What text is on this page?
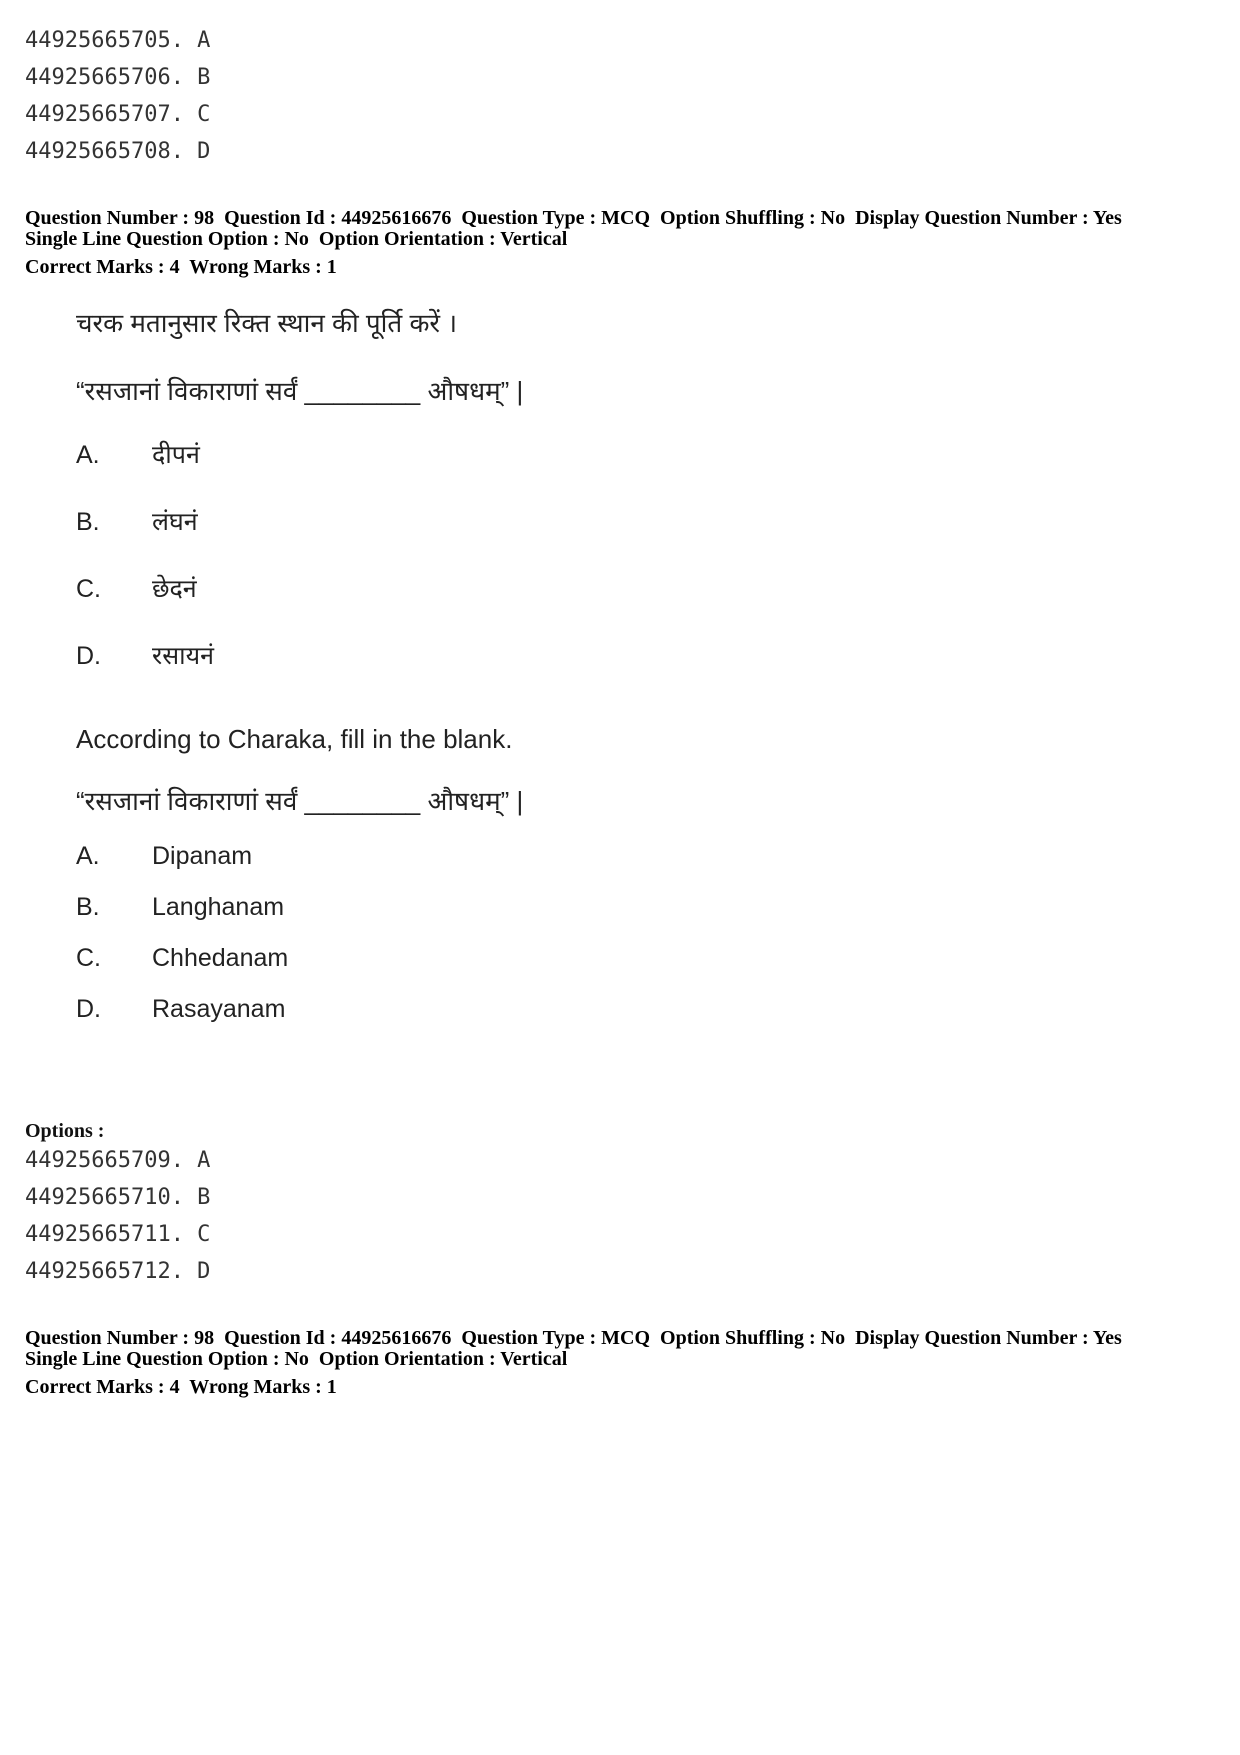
44925665705. A
44925665706. B
44925665707. C
44925665708. D
Question Number : 98  Question Id : 44925616676  Question Type : MCQ  Option Shuffling : No  Display Question Number : Yes
Single Line Question Option : No  Option Orientation : Vertical
Correct Marks : 4  Wrong Marks : 1
चरक मतानुसार रिक्त स्थान की पूर्ति करें ।
“रसजानां विकाराणां सर्वं ________ औषधम्” |
A. दीपनं
B. लंघनं
C. छेदनं
D. रसायनं
According to Charaka, fill in the blank.
“रसजानां विकाराणां सर्वं ________ औषधम्” |
A. Dipanam
B. Langhanam
C. Chhedanam
D. Rasayanam
Options :
44925665709. A
44925665710. B
44925665711. C
44925665712. D
Question Number : 98  Question Id : 44925616676  Question Type : MCQ  Option Shuffling : No  Display Question Number : Yes
Single Line Question Option : No  Option Orientation : Vertical
Correct Marks : 4  Wrong Marks : 1
